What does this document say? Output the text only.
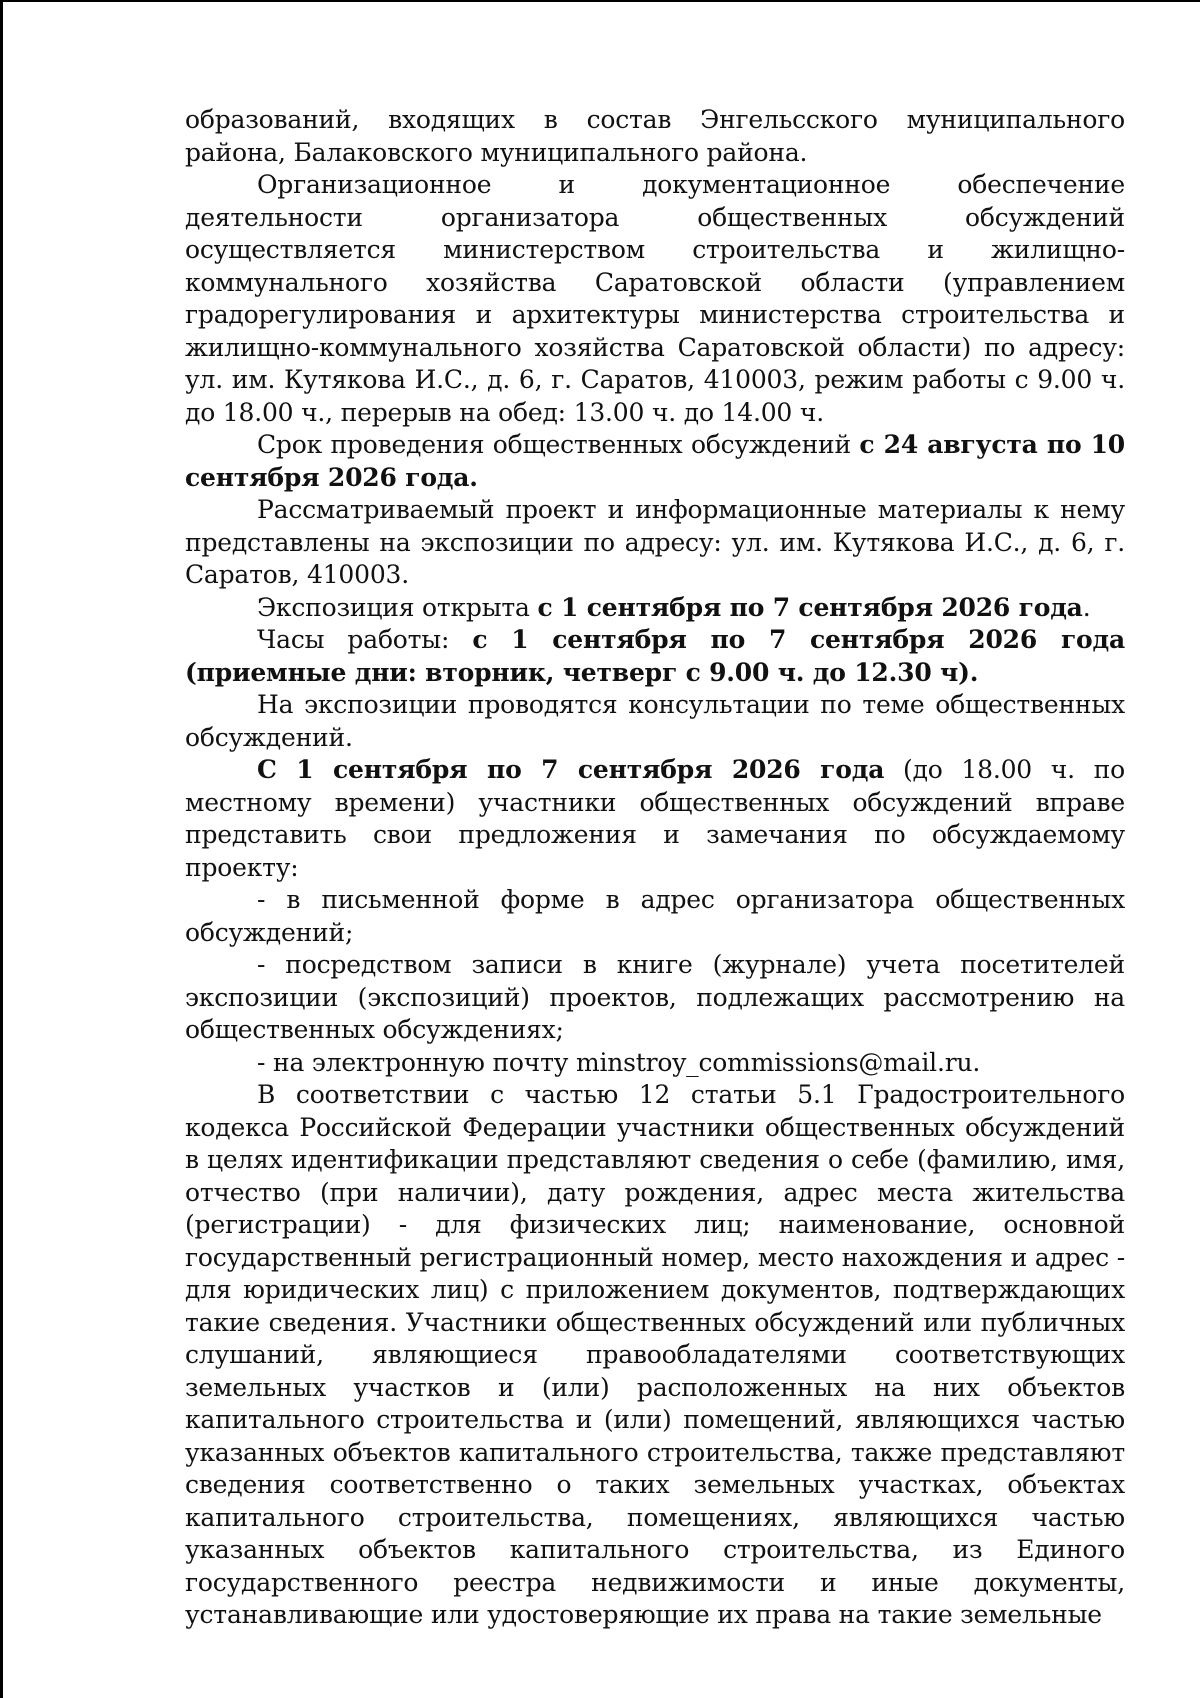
образований, входящих в состав Энгельсского муниципального района, Балаковского муниципального района.

Организационное и документационное обеспечение деятельности организатора общественных обсуждений осуществляется министерством строительства и жилищно-коммунального хозяйства Саратовской области (управлением градорегулирования и архитектуры министерства строительства и жилищно-коммунального хозяйства Саратовской области) по адресу: ул. им. Кутякова И.С., д. 6, г. Саратов, 410003, режим работы с 9.00 ч. до 18.00 ч., перерыв на обед: 13.00 ч. до 14.00 ч.

Срок проведения общественных обсуждений с 24 августа по 10 сентября 2026 года.

Рассматриваемый проект и информационные материалы к нему представлены на экспозиции по адресу: ул. им. Кутякова И.С., д. 6, г. Саратов, 410003.

Экспозиция открыта с 1 сентября по 7 сентября 2026 года.

Часы работы: с 1 сентября по 7 сентября 2026 года (приемные дни: вторник, четверг с 9.00 ч. до 12.30 ч).

На экспозиции проводятся консультации по теме общественных обсуждений.

С 1 сентября по 7 сентября 2026 года (до 18.00 ч. по местному времени) участники общественных обсуждений вправе представить свои предложения и замечания по обсуждаемому проекту:

- в письменной форме в адрес организатора общественных обсуждений;

- посредством записи в книге (журнале) учета посетителей экспозиции (экспозиций) проектов, подлежащих рассмотрению на общественных обсуждениях;

- на электронную почту minstroy_commissions@mail.ru.

В соответствии с частью 12 статьи 5.1 Градостроительного кодекса Российской Федерации участники общественных обсуждений в целях идентификации представляют сведения о себе (фамилию, имя, отчество (при наличии), дату рождения, адрес места жительства (регистрации) - для физических лиц; наименование, основной государственный регистрационный номер, место нахождения и адрес - для юридических лиц) с приложением документов, подтверждающих такие сведения. Участники общественных обсуждений или публичных слушаний, являющиеся правообладателями соответствующих земельных участков и (или) расположенных на них объектов капитального строительства и (или) помещений, являющихся частью указанных объектов капитального строительства, также представляют сведения соответственно о таких земельных участках, объектах капитального строительства, помещениях, являющихся частью указанных объектов капитального строительства, из Единого государственного реестра недвижимости и иные документы, устанавливающие или удостоверяющие их права на такие земельные
